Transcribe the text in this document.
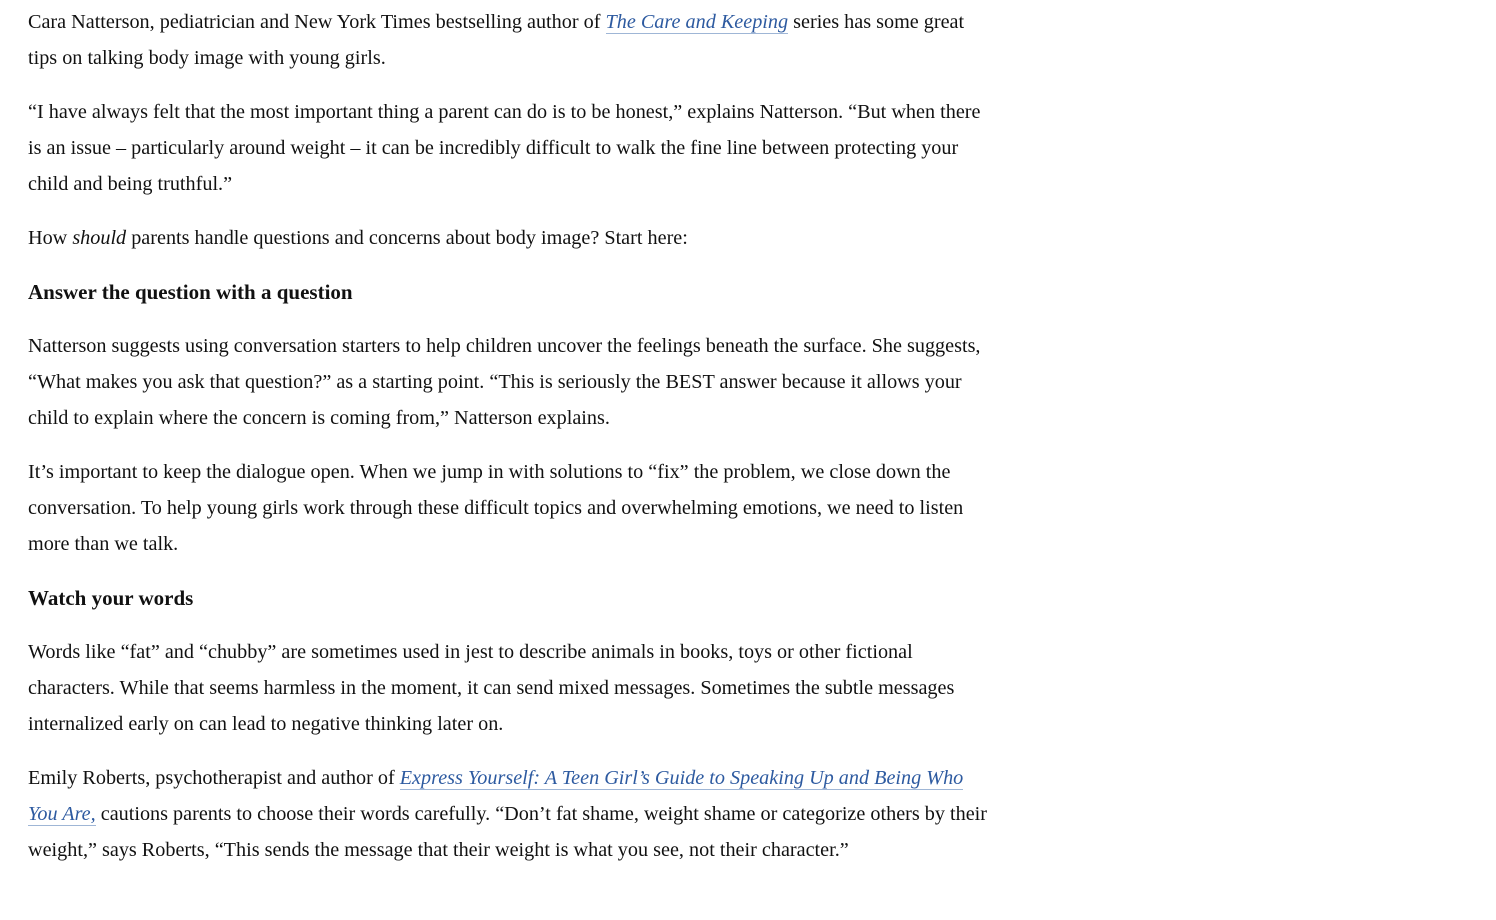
Cara Natterson, pediatrician and New York Times bestselling author of The Care and Keeping series has some great tips on talking body image with young girls.

“I have always felt that the most important thing a parent can do is to be honest,” explains Natterson. “But when there is an issue – particularly around weight – it can be incredibly difficult to walk the fine line between protecting your child and being truthful.”

How should parents handle questions and concerns about body image? Start here:

Answer the question with a question

Natterson suggests using conversation starters to help children uncover the feelings beneath the surface. She suggests, “What makes you ask that question?” as a starting point. “This is seriously the BEST answer because it allows your child to explain where the concern is coming from,” Natterson explains.

It’s important to keep the dialogue open. When we jump in with solutions to “fix” the problem, we close down the conversation. To help young girls work through these difficult topics and overwhelming emotions, we need to listen more than we talk.

Watch your words

Words like “fat” and “chubby” are sometimes used in jest to describe animals in books, toys or other fictional characters. While that seems harmless in the moment, it can send mixed messages. Sometimes the subtle messages internalized early on can lead to negative thinking later on.

Emily Roberts, psychotherapist and author of Express Yourself: A Teen Girl’s Guide to Speaking Up and Being Who You Are, cautions parents to choose their words carefully. “Don’t fat shame, weight shame or categorize others by their weight,” says Roberts, “This sends the message that their weight is what you see, not their character.”
